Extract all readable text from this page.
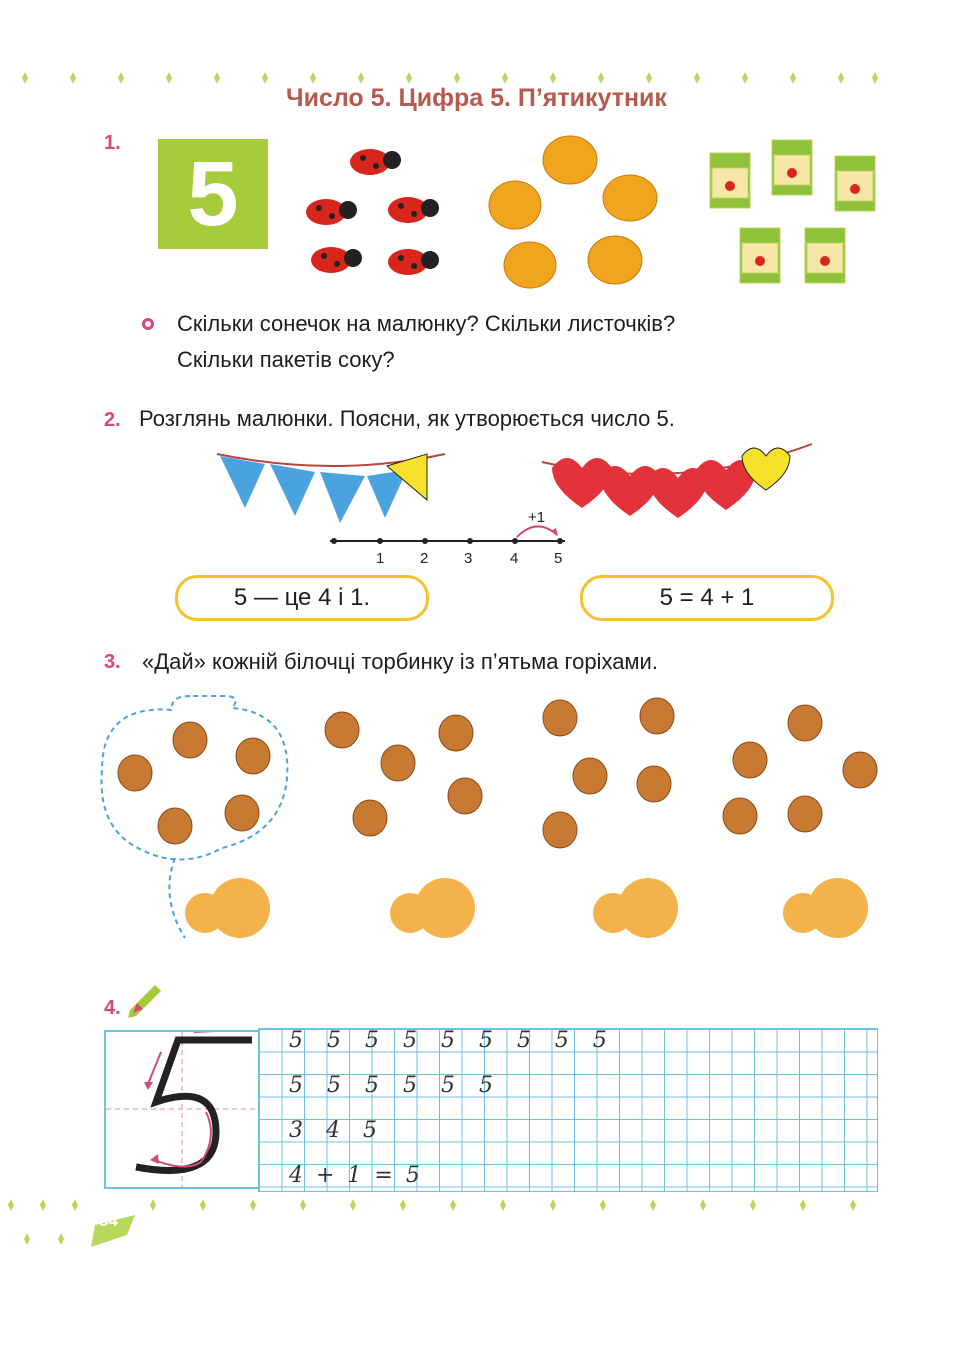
Число 5. Цифра 5. П’ятикутник
1. 5
Скільки сонечок на малюнку? Скільки листочків?
Скільки пакетів соку?
2. Розглянь малюнки. Поясни, як утворюється число 5.
+1
1 2 3	4 5
5 — це 4 і 1.	5 = 4 + 1
3. «Дай» кожній білочці торбинку із п’ятьма горіхами.
4.
5 5 5 5 5 5 5 5 5
5 5 5 5 5 5
3 4 5
4 + 1 = 5
34
